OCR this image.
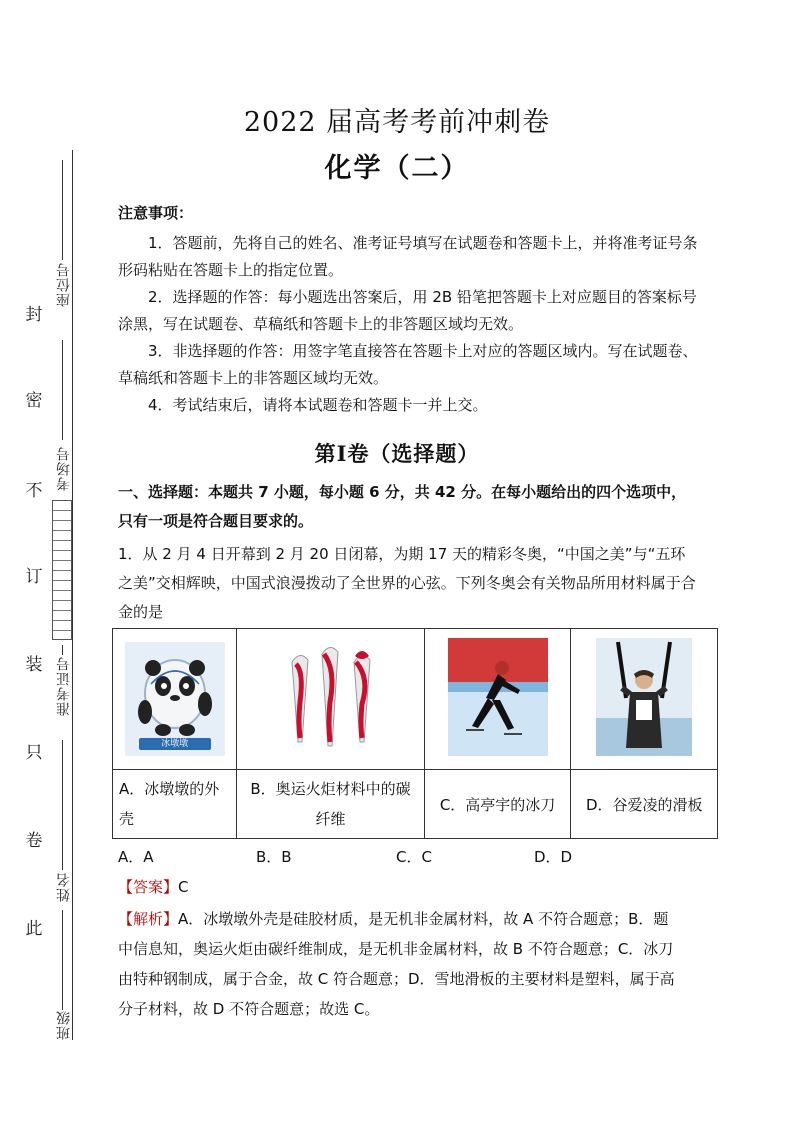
封
密
不
订
装
只
卷
此
座位号
考场号
准考证号
姓名
班级
2022 届高考考前冲刺卷
化学（二）
注意事项：
1．答题前，先将自己的姓名、准考证号填写在试题卷和答题卡上，并将准考证号条形码粘贴在答题卡上的指定位置。
2．选择题的作答：每小题选出答案后，用 2B 铅笔把答题卡上对应题目的答案标号涂黑，写在试题卷、草稿纸和答题卡上的非答题区域均无效。
3．非选择题的作答：用签字笔直接答在答题卡上对应的答题区域内。写在试题卷、草稿纸和答题卡上的非答题区域均无效。
4．考试结束后，请将本试题卷和答题卡一并上交。
第Ⅰ卷（选择题）
一、选择题：本题共 7 小题，每小题 6 分，共 42 分。在每小题给出的四个选项中，只有一项是符合题目要求的。
1．从 2 月 4 日开幕到 2 月 20 日闭幕，为期 17 天的精彩冬奥，“中国之美”与“五环之美”交相辉映，中国式浪漫拨动了全世界的心弦。下列冬奥会有关物品所用材料属于合金的是
冰墩墩

A．冰墩墩的外壳	B．奥运火炬材料中的碳纤维	C．高亭宇的冰刀	D．谷爱凌的滑板
A．A	B．B	C．C	D．D
【答案】C
【解析】A．冰墩墩外壳是硅胶材质，是无机非金属材料，故 A 不符合题意；B．题中信息知，奥运火炬由碳纤维制成，是无机非金属材料，故 B 不符合题意；C．冰刀由特种钢制成，属于合金，故 C 符合题意；D．雪地滑板的主要材料是塑料，属于高分子材料，故 D 不符合题意；故选 C。
